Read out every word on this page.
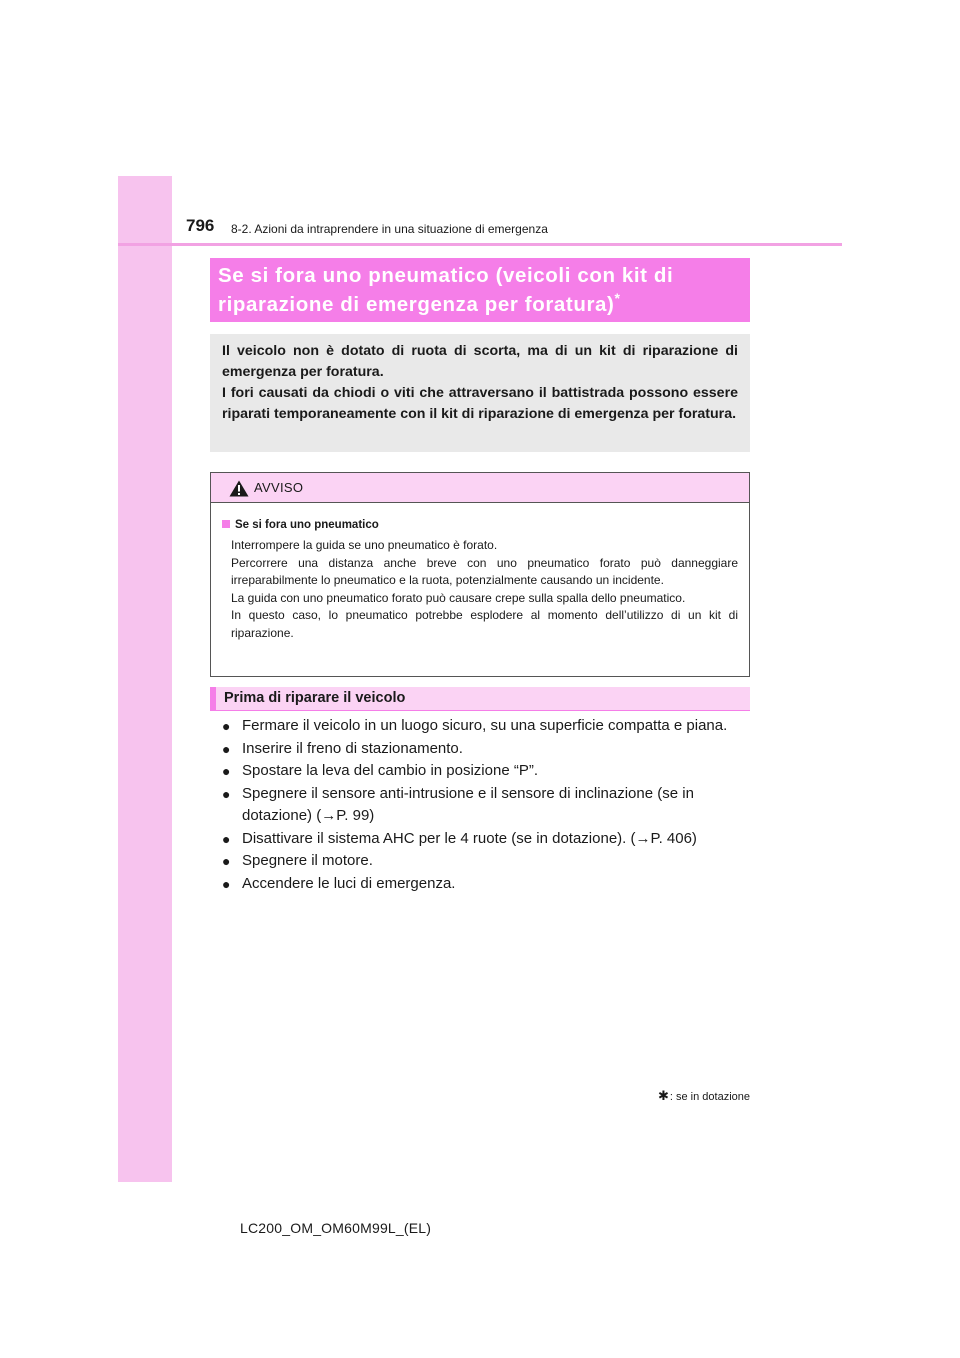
796 8-2. Azioni da intraprendere in una situazione di emergenza
Se si fora uno pneumatico (veicoli con kit di
riparazione di emergenza per foratura)*

Il veicolo non è dotato di ruota di scorta, ma di un kit di riparazione di emergenza per foratura.

I fori causati da chiodi o viti che attraversano il battistrada possono essere riparati temporaneamente con il kit di riparazione di emergenza per foratura.

AVVISO
Se si fora uno pneumatico
Interrompere la guida se uno pneumatico è forato.
Percorrere una distanza anche breve con uno pneumatico forato può danneggiare irreparabilmente lo pneumatico e la ruota, potenzialmente causando un incidente.
La guida con uno pneumatico forato può causare crepe sulla spalla dello pneumatico.
In questo caso, lo pneumatico potrebbe esplodere al momento dell’utilizzo di un kit di riparazione.
Prima di riparare il veicolo
● Fermare il veicolo in un luogo sicuro, su una superficie compatta e piana.
● Inserire il freno di stazionamento.
● Spostare la leva del cambio in posizione “P”.
● Spegnere il sensore anti-intrusione e il sensore di inclinazione (se in dotazione) (→P. 99)
● Disattivare il sistema AHC per le 4 ruote (se in dotazione). (→P. 406)
● Spegnere il motore.
● Accendere le luci di emergenza.
✱: se in dotazione
LC200_OM_OM60M99L_(EL)
